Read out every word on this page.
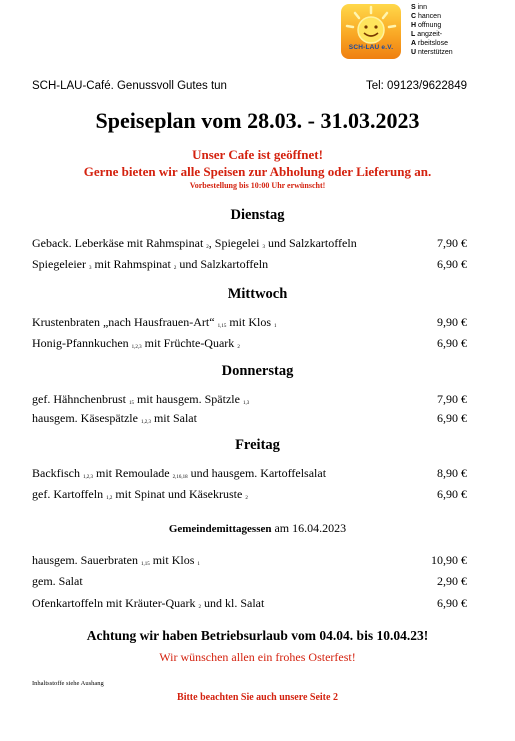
SCH-LAU e.V.
S inn
C hancen
H offnung
L angzeit-
A rbeitslose
U nterstützen
SCH-LAU-Café. Genussvoll Gutes tun	Tel: 09123/9622849
Speiseplan vom 28.03. - 31.03.2023
Unser Cafe ist geöffnet!
Gerne bieten wir alle Speisen zur Abholung oder Lieferung an.
Vorbestellung bis 10:00 Uhr erwünscht!
Dienstag
Geback. Leberkäse mit Rahmspinat $_2$, Spiegelei $_3$ und Salzkartoffeln	7,90 €
Spiegeleier $_3$ mit Rahmspinat $_2$ und Salzkartoffeln	6,90 €
Mittwoch
Krustenbraten „nach Hausfrauen-Art“ $_{1,15}$ mit Klos $_1$	9,90 €
Honig-Pfannkuchen $_{1,2,3}$ mit Früchte-Quark $_2$	6,90 €
Donnerstag
gef. Hähnchenbrust $_{15}$ mit hausgem. Spätzle $_{1,3}$	7,90 €
hausgem. Käsespätzle $_{1,2,3}$ mit Salat	6,90 €
Freitag
Backfisch $_{1,2,3}$ mit Remoulade $_{2,16,18}$ und hausgem. Kartoffelsalat	8,90 €
gef. Kartoffeln $_{1,2}$ mit Spinat und Käsekruste $_2$	6,90 €
Gemeindemittagessen am 16.04.2023
hausgem. Sauerbraten $_{1,15}$ mit Klos $_1$	10,90 €
gem. Salat	2,90 €
Ofenkartoffeln mit Kräuter-Quark $_2$ und kl. Salat	6,90 €
Achtung wir haben Betriebsurlaub vom 04.04. bis 10.04.23!
Wir wünschen allen ein frohes Osterfest!
Inhaltsstoffe siehe Aushang
Bitte beachten Sie auch unsere Seite 2
